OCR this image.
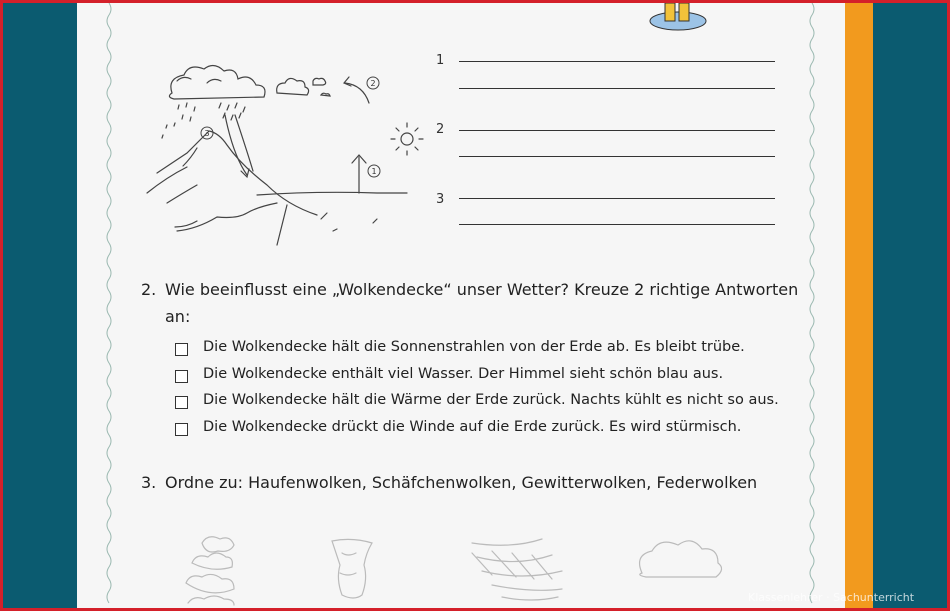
1
2
3
1
2
3
2. Wie beeinflusst eine „Wolkendecke“ unser Wetter? Kreuze 2 richtige Antworten
an:
Die Wolkendecke hält die Sonnenstrahlen von der Erde ab. Es bleibt trübe.
Die Wolkendecke enthält viel Wasser. Der Himmel sieht schön blau aus.
Die Wolkendecke hält die Wärme der Erde zurück. Nachts kühlt es nicht so aus.
Die Wolkendecke drückt die Winde auf die Erde zurück. Es wird stürmisch.
3. Ordne zu: Haufenwolken, Schäfchenwolken, Gewitterwolken, Federwolken
Klassenlehrer · Sachunterricht
